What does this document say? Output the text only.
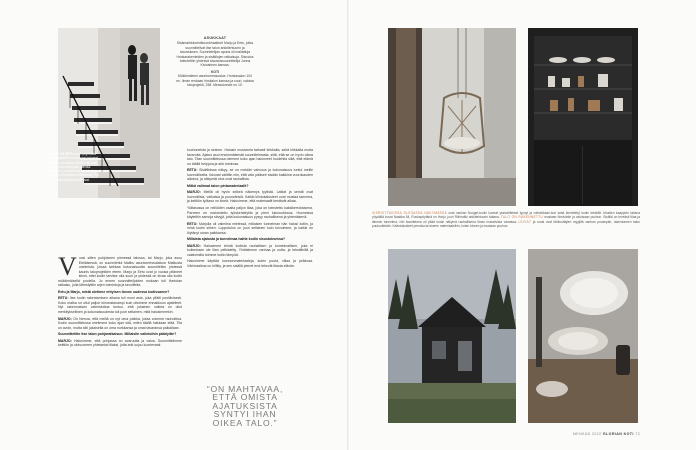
MARJO JA EETU ovat työyhdistä ravintolaperheen tukkoneet tehneet. Kaikkien muotoilun taiteilemat ovat Graafen ko-vaiheessa kanssa. Valkoinen, mustaa puutaa, Vaakaportaan yhteinen Wuokkanen-Mikkonen, Pro Grey -kalkkimaali-seinät ovat.
ASUKKAAT
Sisämarkkinointikoordinaattorit Marjo ja Eetu, jotka suunnittelivat itse talon arkkitehtuurin ja sisustuksen. Suunnittelijan apuna oli mallattuja Honkarakenteiden ja sisätilojen ratkaisuja. Sisustus toteutettiin yhdessä sisustussuunnittelija Jonna Kivisalmen kanssa.
KOTI
Mökkimäinen asuntomessualue, Honkasalon 104 m², ilman renkaan hirsitalon kanssa ja suuri, valoisa taloprojekti, 258. Messukohde no 10.

Vuosi sitten pohjoiseen pienessä talossa, tai Marjo, joka asuu Eteläisessä, on suunnitellut Malibu asuntomessutaloon Matkusta unelmista, joissa tarkkaa kokonaisuutta suunnitellen yhdessä kaunis taloprojektien eteen. Marjo ja Eetu ovat jo vuosia pitäneet kiinni, ettei kodin tarvitse olla suuri ja yhdessä on kivaa olla kodin mökkimäisellä puolella. Jo ennen suunnittelijoiden mukaan tuli Hartolan ratkaisu, jolla lähestyttiin arjen toimintoja ja tavoitteita.

Eetu ja Marjo, mistä oletinne erityisen ilonne uudessa kodissanne?

EETU: Itse kodin rakentamisen aikana tuli moni asia, joka yllätti positiivisesti. Koko matka on ollut paljon kiinnostavampi kuin olisimme ennakkoon ajatelleet. Nyt rakennuksen valmistuttua tuntuu, että jokainen valinta on ollut merkityksellinen ja kokonaisuudesta tuli juuri sellainen, mitä halusimmekin.

MARJO: On hienoa, että meillä on nyt oma paikka, jossa voimme rauhoittua. Kodin suunnittelussa mietimme koko ajan sitä, miten täällä halutaan elää. Tila on avoin, mutta silti jokaisella on oma nurkkansa ja omat tavaransa paikallaan.

Suunnittelitte itse talon pohjaratkaisun. Millaisiin valintoihin päädyitte?

MARJO: Halusimme, että pohjassa on avaruutta ja valoa. Suunnittelimme keittiön ja olohuoneen yhteiseksi tilaksi, jotta arki sujuu luontevasti.

kuohuneista ja sininen. Halusin muutamia tarkasti kirkkaita, sekä kirkkaita muita tavaroita. Ajatus asui ensimmäisestä suunnitelmasta, siitä, että se on hyvin oikea talo. Tilan suunnittelussa olemme koko ajan halunneet huolehtia siitä, että elämä on täällä helppoa ja arki toimivaa.

EETU: Sisätiloissa näkyy, se on meidän vahvuus ja kokonaisuus tuntui meille luonnolliselta. Ikkunat valittiin niin, että valo pääsee sisään kaikkina vuorokauden aikoina, ja näkymät ulos ovat rauhallisia.

Mitkä valinnat talon pintamateriaalit?

MARJO: Meillä oli hyvin selkeä näkemys tyylistä. Lattiat ja seinät ovat luonnollisia, valkoisia ja puunvärisiä. Kaikki kiintokalusteet ovat mustaa tammea, ja keittiön työtaso on kiveä. Halusimme, että materiaalit kestävät aikaa.

Ylätasossa on neliöiden osalta paljon tilaa, joka on toteutettu kaksikerroksisena. Parveen on mahdutettu työskentelytila ja pieni lukunurkkaus. Huoneissa käytettiin samoja sävyjä, jotta kokonaisuus pysyy rauhallisena ja yhtenäisenä.

EETU: Marjolla oli valmiina mielessä, millaisen tunnelman hän halusi kotiin, ja minä luotin siihen. Lopputulos on juuri sellainen kuin toivoimme, ja kaikki on löytänyt oman paikkansa.

Millaista ajatusta ja tunnelmaa haitte kodin sisustuksessa?

MARJO: Halusimme tehdä kodista rauhallisen ja tunnelmallisen, joka ei kuitenkaan ole liian pelkistetty. Yhdistimme vanhaa ja uutta, ja tekstiileillä ja valaisimilla toimme kotiin lämpöä.

Halusimme käyttää luonnonmateriaaleja, kuten puuta, villaa ja pellavaa. Värimaailma on hillitty, ja sen sisällä pienet erot tekevät tilasta elävän.

“ON MAHTAVAA, ETTÄ OMISTA AJATUKSISTA SYNTYI IHAN OIKEA TALO.”
VIEROITTAVISSA OLEVASSA NÄKYMÄSSÄ ovat vanhan Nouget-tuolin luomat yksiselitteiset tyynyt ja rottinkikaari-kori sekä kierrätetyt kodin tekstiilit. Mustien kaappien takana pöydällä kuvat Naakka 54, Ruokapöytänä on Harju, juuri Riihimäki arkkitehtuurin takana. TALO ON RAKENNETTU mustaan hirsiväriin ja valoisaan puuhun. Sisällä on leveästi tilaa ja lämmin tunnelma, niin tavoitteena oli pitää kodin näkymä rauhallisena ilman massiivista varastoa. LEIVÄT ja ruoat ovat lähituottajien myyjiltä vanhan puusepän, rakentuneen talon puutuotteisiin. Kattokalusteet perustuvat alueen materiaaleihin, kuten kiveen ja mustaan puuhun.
MENKÄÄ 2022 GLORIAN KOTI 73
